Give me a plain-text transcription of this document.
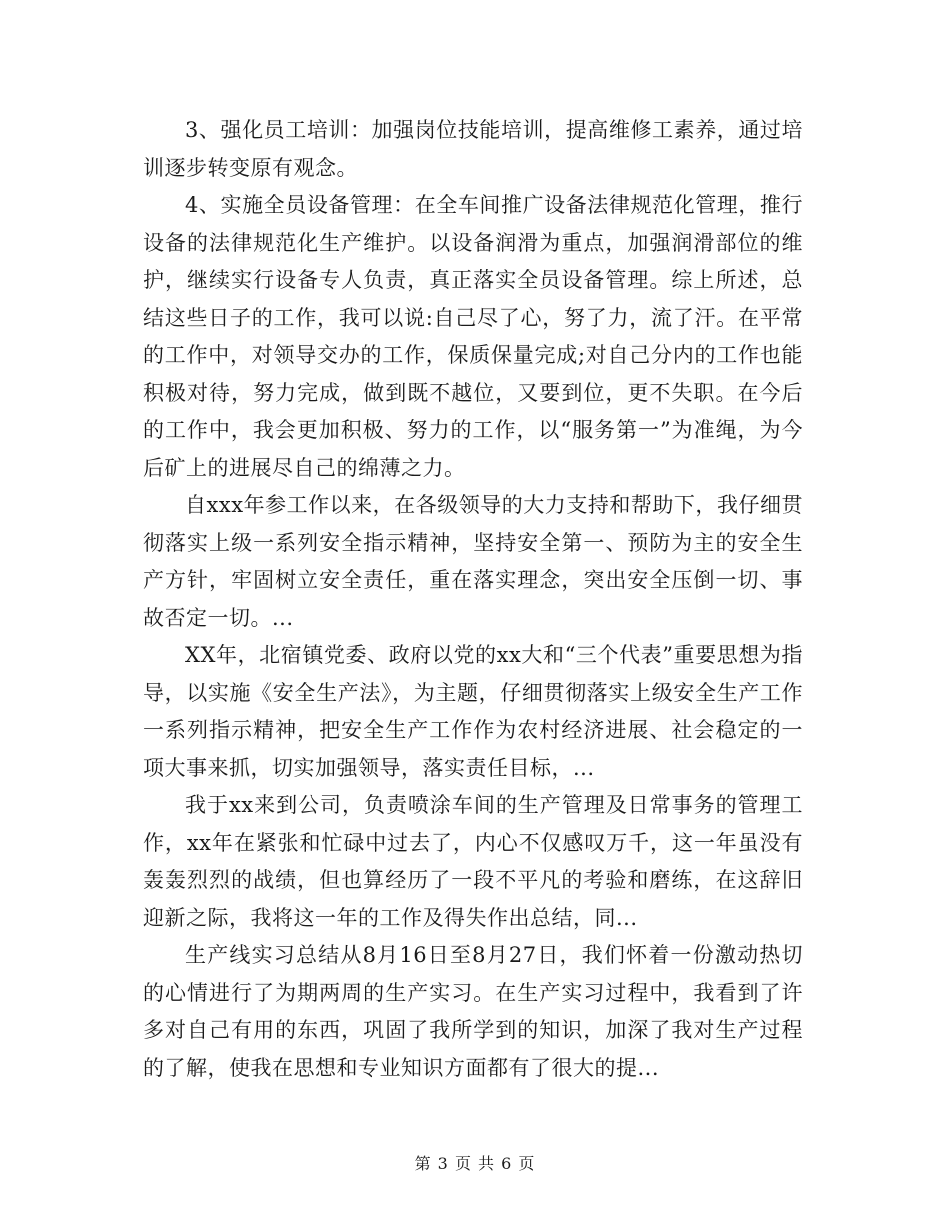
3、强化员工培训：加强岗位技能培训，提高维修工素养，通过培训逐步转变原有观念。

4、实施全员设备管理：在全车间推广设备法律规范化管理，推行设备的法律规范化生产维护。以设备润滑为重点，加强润滑部位的维护，继续实行设备专人负责，真正落实全员设备管理。综上所述，总结这些日子的工作，我可以说:自己尽了心，努了力，流了汗。在平常的工作中，对领导交办的工作，保质保量完成;对自己分内的工作也能积极对待，努力完成，做到既不越位，又要到位，更不失职。在今后的工作中，我会更加积极、努力的工作，以“服务第一”为准绳，为今后矿上的进展尽自己的绵薄之力。

自xxx年参工作以来，在各级领导的大力支持和帮助下，我仔细贯彻落实上级一系列安全指示精神，坚持安全第一、预防为主的安全生产方针，牢固树立安全责任，重在落实理念，突出安全压倒一切、事故否定一切。...

XX年，北宿镇党委、政府以党的xx大和“三个代表”重要思想为指导，以实施《安全生产法》，为主题，仔细贯彻落实上级安全生产工作一系列指示精神，把安全生产工作作为农村经济进展、社会稳定的一项大事来抓，切实加强领导，落实责任目标，...

我于xx来到公司，负责喷涂车间的生产管理及日常事务的管理工作，xx年在紧张和忙碌中过去了，内心不仅感叹万千，这一年虽没有轰轰烈烈的战绩，但也算经历了一段不平凡的考验和磨练，在这辞旧迎新之际，我将这一年的工作及得失作出总结，同...

生产线实习总结从8月16日至8月27日，我们怀着一份激动热切的心情进行了为期两周的生产实习。在生产实习过程中，我看到了许多对自己有用的东西，巩固了我所学到的知识，加深了我对生产过程的了解，使我在思想和专业知识方面都有了很大的提...

第 3 页 共 6 页
